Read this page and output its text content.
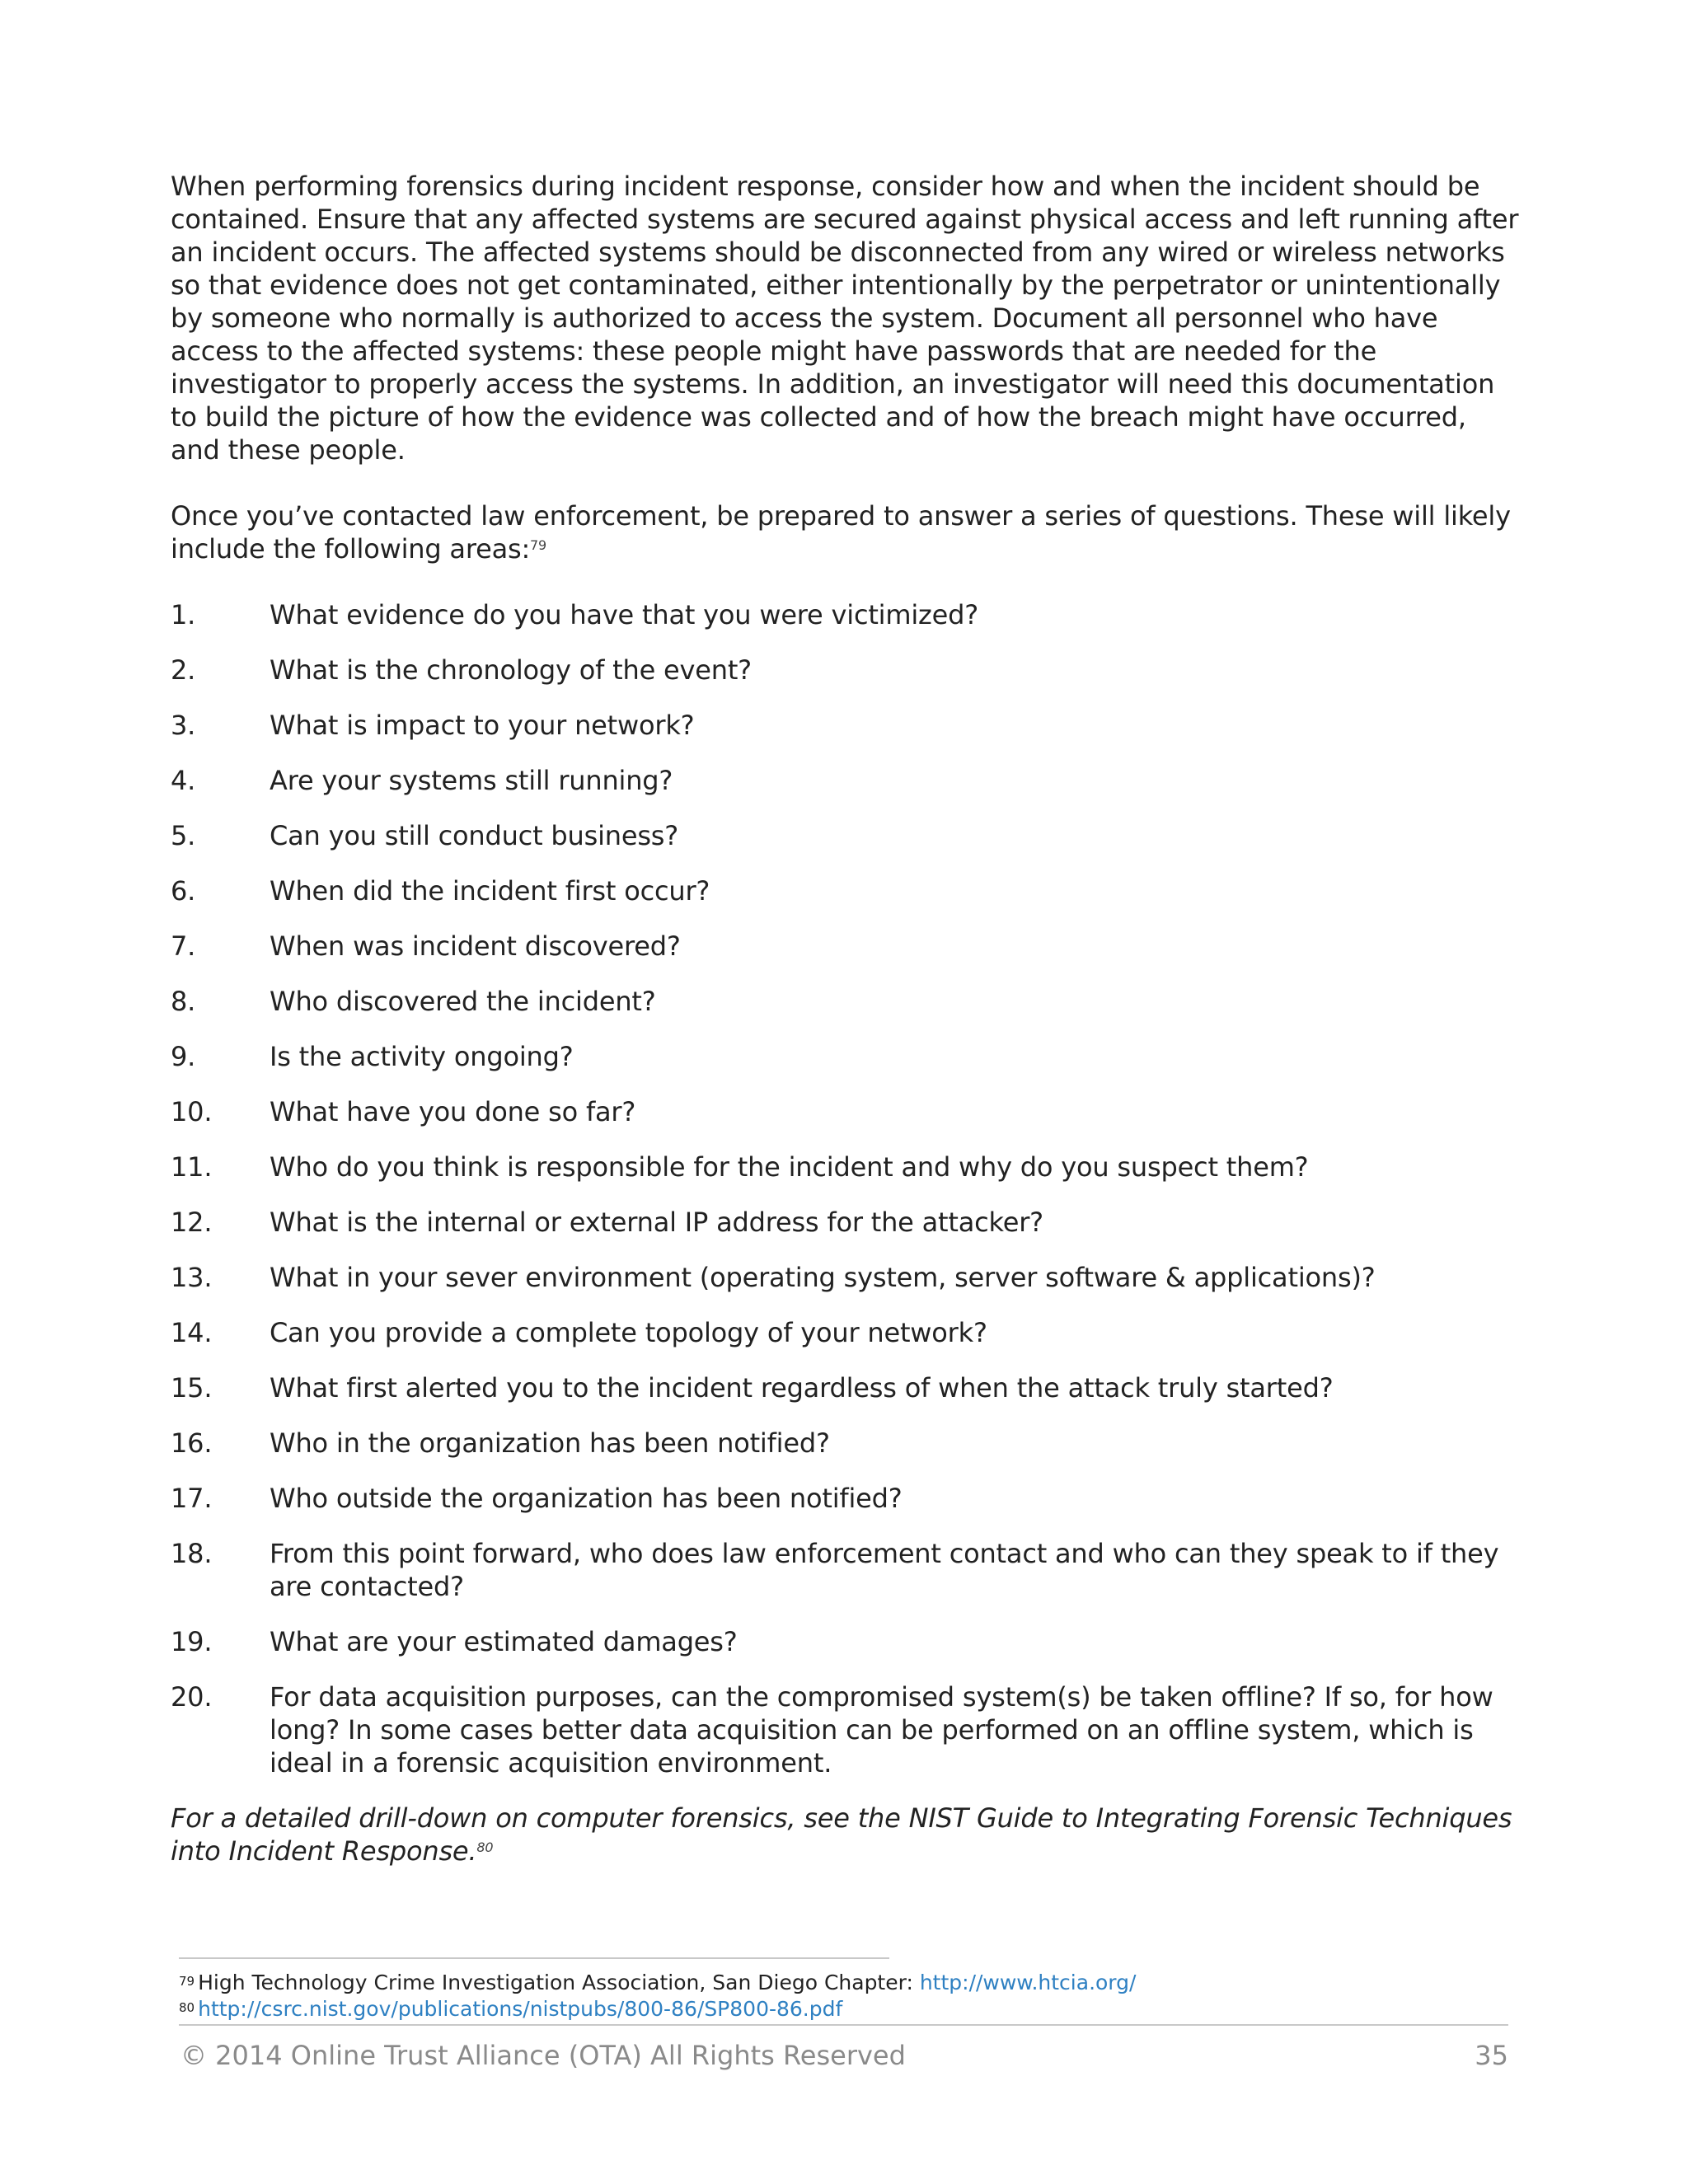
When performing forensics during incident response, consider how and when the incident should be contained. Ensure that any affected systems are secured against physical access and left running after an incident occurs. The affected systems should be disconnected from any wired or wireless networks so that evidence does not get contaminated, either intentionally by the perpetrator or unintentionally by someone who normally is authorized to access the system. Document all personnel who have access to the affected systems: these people might have passwords that are needed for the investigator to properly access the systems. In addition, an investigator will need this documentation to build the picture of how the evidence was collected and of how the breach might have occurred, and these people.

Once you’ve contacted law enforcement, be prepared to answer a series of questions. These will likely include the following areas:$^{79}$

1.	What evidence do you have that you were victimized?
2.	What is the chronology of the event?
3.	What is impact to your network?
4.	Are your systems still running?
5.	Can you still conduct business?
6.	When did the incident first occur?
7.	When was incident discovered?
8.	Who discovered the incident?
9.	Is the activity ongoing?
10.	What have you done so far?
11.	Who do you think is responsible for the incident and why do you suspect them?
12.	What is the internal or external IP address for the attacker?
13.	What in your sever environment (operating system, server software & applications)?
14.	Can you provide a complete topology of your network?
15.	What first alerted you to the incident regardless of when the attack truly started?
16.	Who in the organization has been notified?
17.	Who outside the organization has been notified?
18.	From this point forward, who does law enforcement contact and who can they speak to if they are contacted?
19.	What are your estimated damages?
20.	For data acquisition purposes, can the compromised system(s) be taken offline? If so, for how long? In some cases better data acquisition can be performed on an offline system, which is ideal in a forensic acquisition environment.

For a detailed drill-down on computer forensics, see the NIST Guide to Integrating Forensic Techniques into Incident Response.$^{80}$

$^{79}$ High Technology Crime Investigation Association, San Diego Chapter: http://www.htcia.org/

$^{80}$ http://csrc.nist.gov/publications/nistpubs/800-86/SP800-86.pdf

© 2014 Online Trust Alliance (OTA) All Rights Reserved	35
